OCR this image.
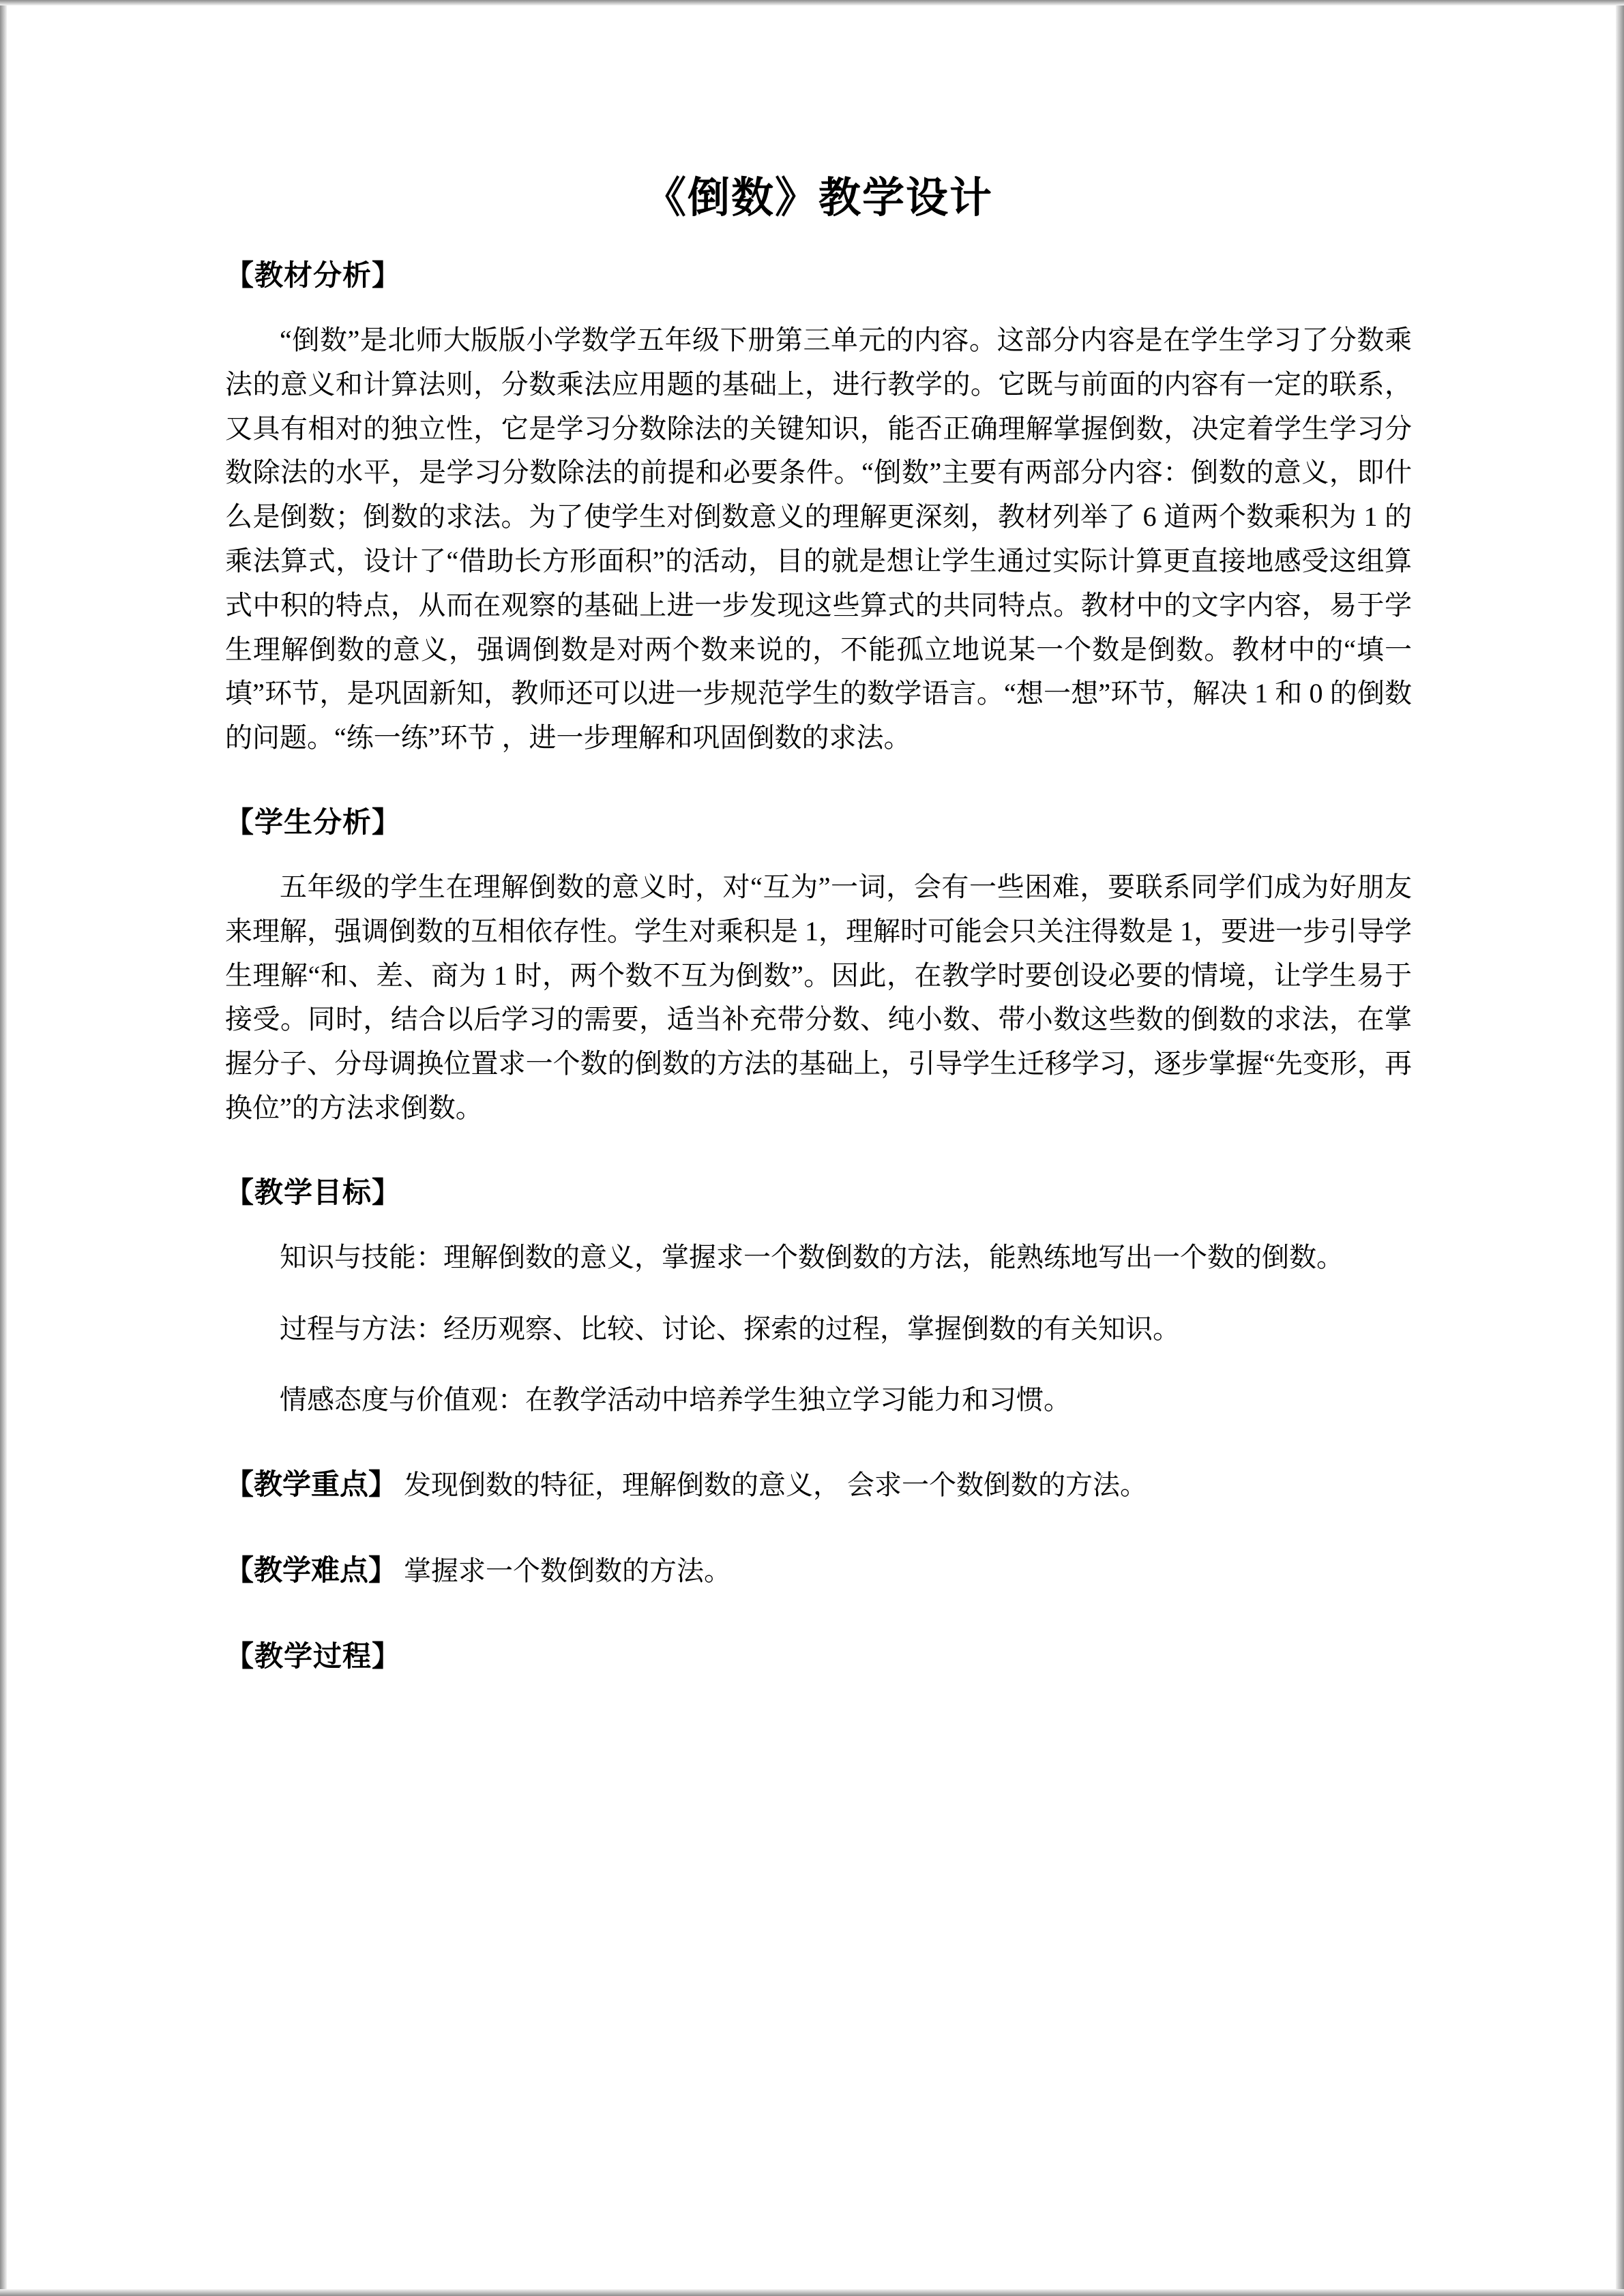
《倒数》教学设计
【教材分析】

“倒数”是北师大版版小学数学五年级下册第三单元的内容。这部分内容是在学生学习了分数乘法的意义和计算法则，分数乘法应用题的基础上，进行教学的。它既与前面的内容有一定的联系，又具有相对的独立性，它是学习分数除法的关键知识，能否正确理解掌握倒数，决定着学生学习分数除法的水平，是学习分数除法的前提和必要条件。“倒数”主要有两部分内容：倒数的意义，即什么是倒数；倒数的求法。为了使学生对倒数意义的理解更深刻，教材列举了 6 道两个数乘积为 1 的乘法算式，设计了“借助长方形面积”的活动，目的就是想让学生通过实际计算更直接地感受这组算式中积的特点，从而在观察的基础上进一步发现这些算式的共同特点。教材中的文字内容，易于学生理解倒数的意义，强调倒数是对两个数来说的，不能孤立地说某一个数是倒数。教材中的“填一填”环节，是巩固新知，教师还可以进一步规范学生的数学语言。“想一想”环节，解决 1 和 0 的倒数的问题。“练一练”环节 ，进一步理解和巩固倒数的求法。

【学生分析】

五年级的学生在理解倒数的意义时，对“互为”一词，会有一些困难，要联系同学们成为好朋友来理解，强调倒数的互相依存性。学生对乘积是 1，理解时可能会只关注得数是 1，要进一步引导学生理解“和、差、商为 1 时，两个数不互为倒数”。因此，在教学时要创设必要的情境，让学生易于接受。同时，结合以后学习的需要，适当补充带分数、纯小数、带小数这些数的倒数的求法，在掌握分子、分母调换位置求一个数的倒数的方法的基础上，引导学生迁移学习，逐步掌握“先变形，再换位”的方法求倒数。

【教学目标】

知识与技能：理解倒数的意义，掌握求一个数倒数的方法，能熟练地写出一个数的倒数。

过程与方法：经历观察、比较、讨论、探索的过程，掌握倒数的有关知识。

情感态度与价值观：在教学活动中培养学生独立学习能力和习惯。

【教学重点】 发现倒数的特征，理解倒数的意义， 会求一个数倒数的方法。
【教学难点】 掌握求一个数倒数的方法。
【教学过程】
